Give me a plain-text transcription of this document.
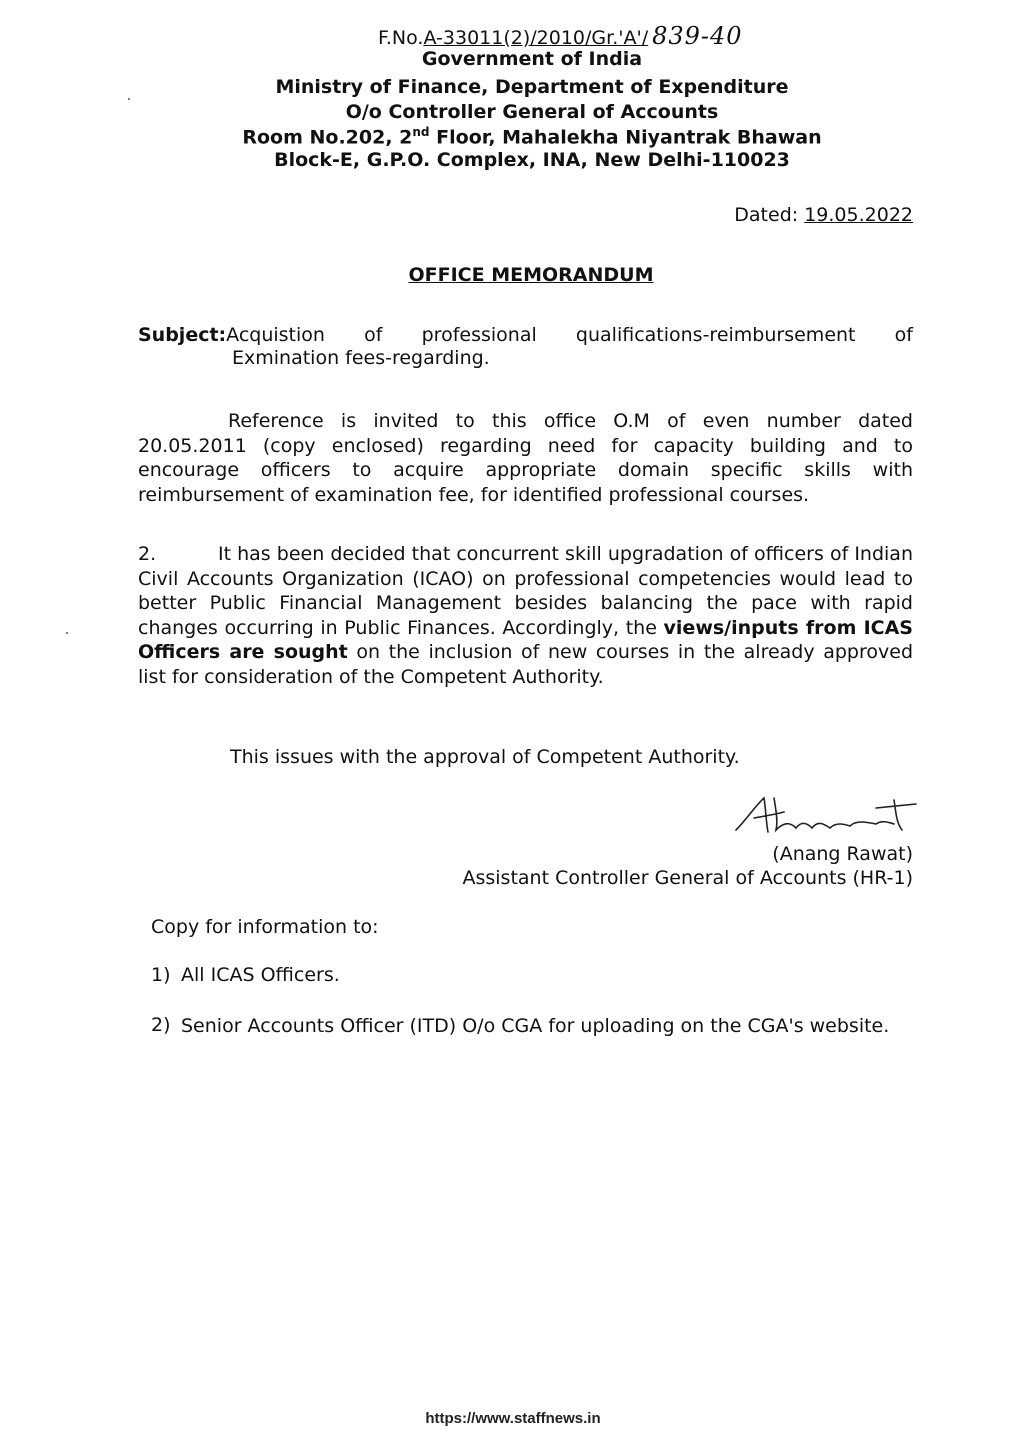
F.No.A-33011(2)/2010/Gr.'A'/ 839-40
Government of India
Ministry of Finance, Department of Expenditure
O/o Controller General of Accounts
Room No.202, 2nd Floor, Mahalekha Niyantrak Bhawan
Block-E, G.P.O. Complex, INA, New Delhi-110023
Dated: 19.05.2022
OFFICE MEMORANDUM
Subject:Acquistion of professional qualifications-reimbursement of
Exmination fees-regarding.
Reference is invited to this office O.M of even number dated 20.05.2011 (copy enclosed) regarding need for capacity building and to encourage officers to acquire appropriate domain specific skills with reimbursement of examination fee, for identified professional courses.
2.	It has been decided that concurrent skill upgradation of officers of Indian Civil Accounts Organization (ICAO) on professional competencies would lead to better Public Financial Management besides balancing the pace with rapid changes occurring in Public Finances. Accordingly, the views/inputs from ICAS Officers are sought on the inclusion of new courses in the already approved list for consideration of the Competent Authority.
This issues with the approval of Competent Authority.
(Anang Rawat)
Assistant Controller General of Accounts (HR-1)
Copy for information to:
1) All ICAS Officers.
2) Senior Accounts Officer (ITD) O/o CGA for uploading on the CGA's website.
https://www.staffnews.in
